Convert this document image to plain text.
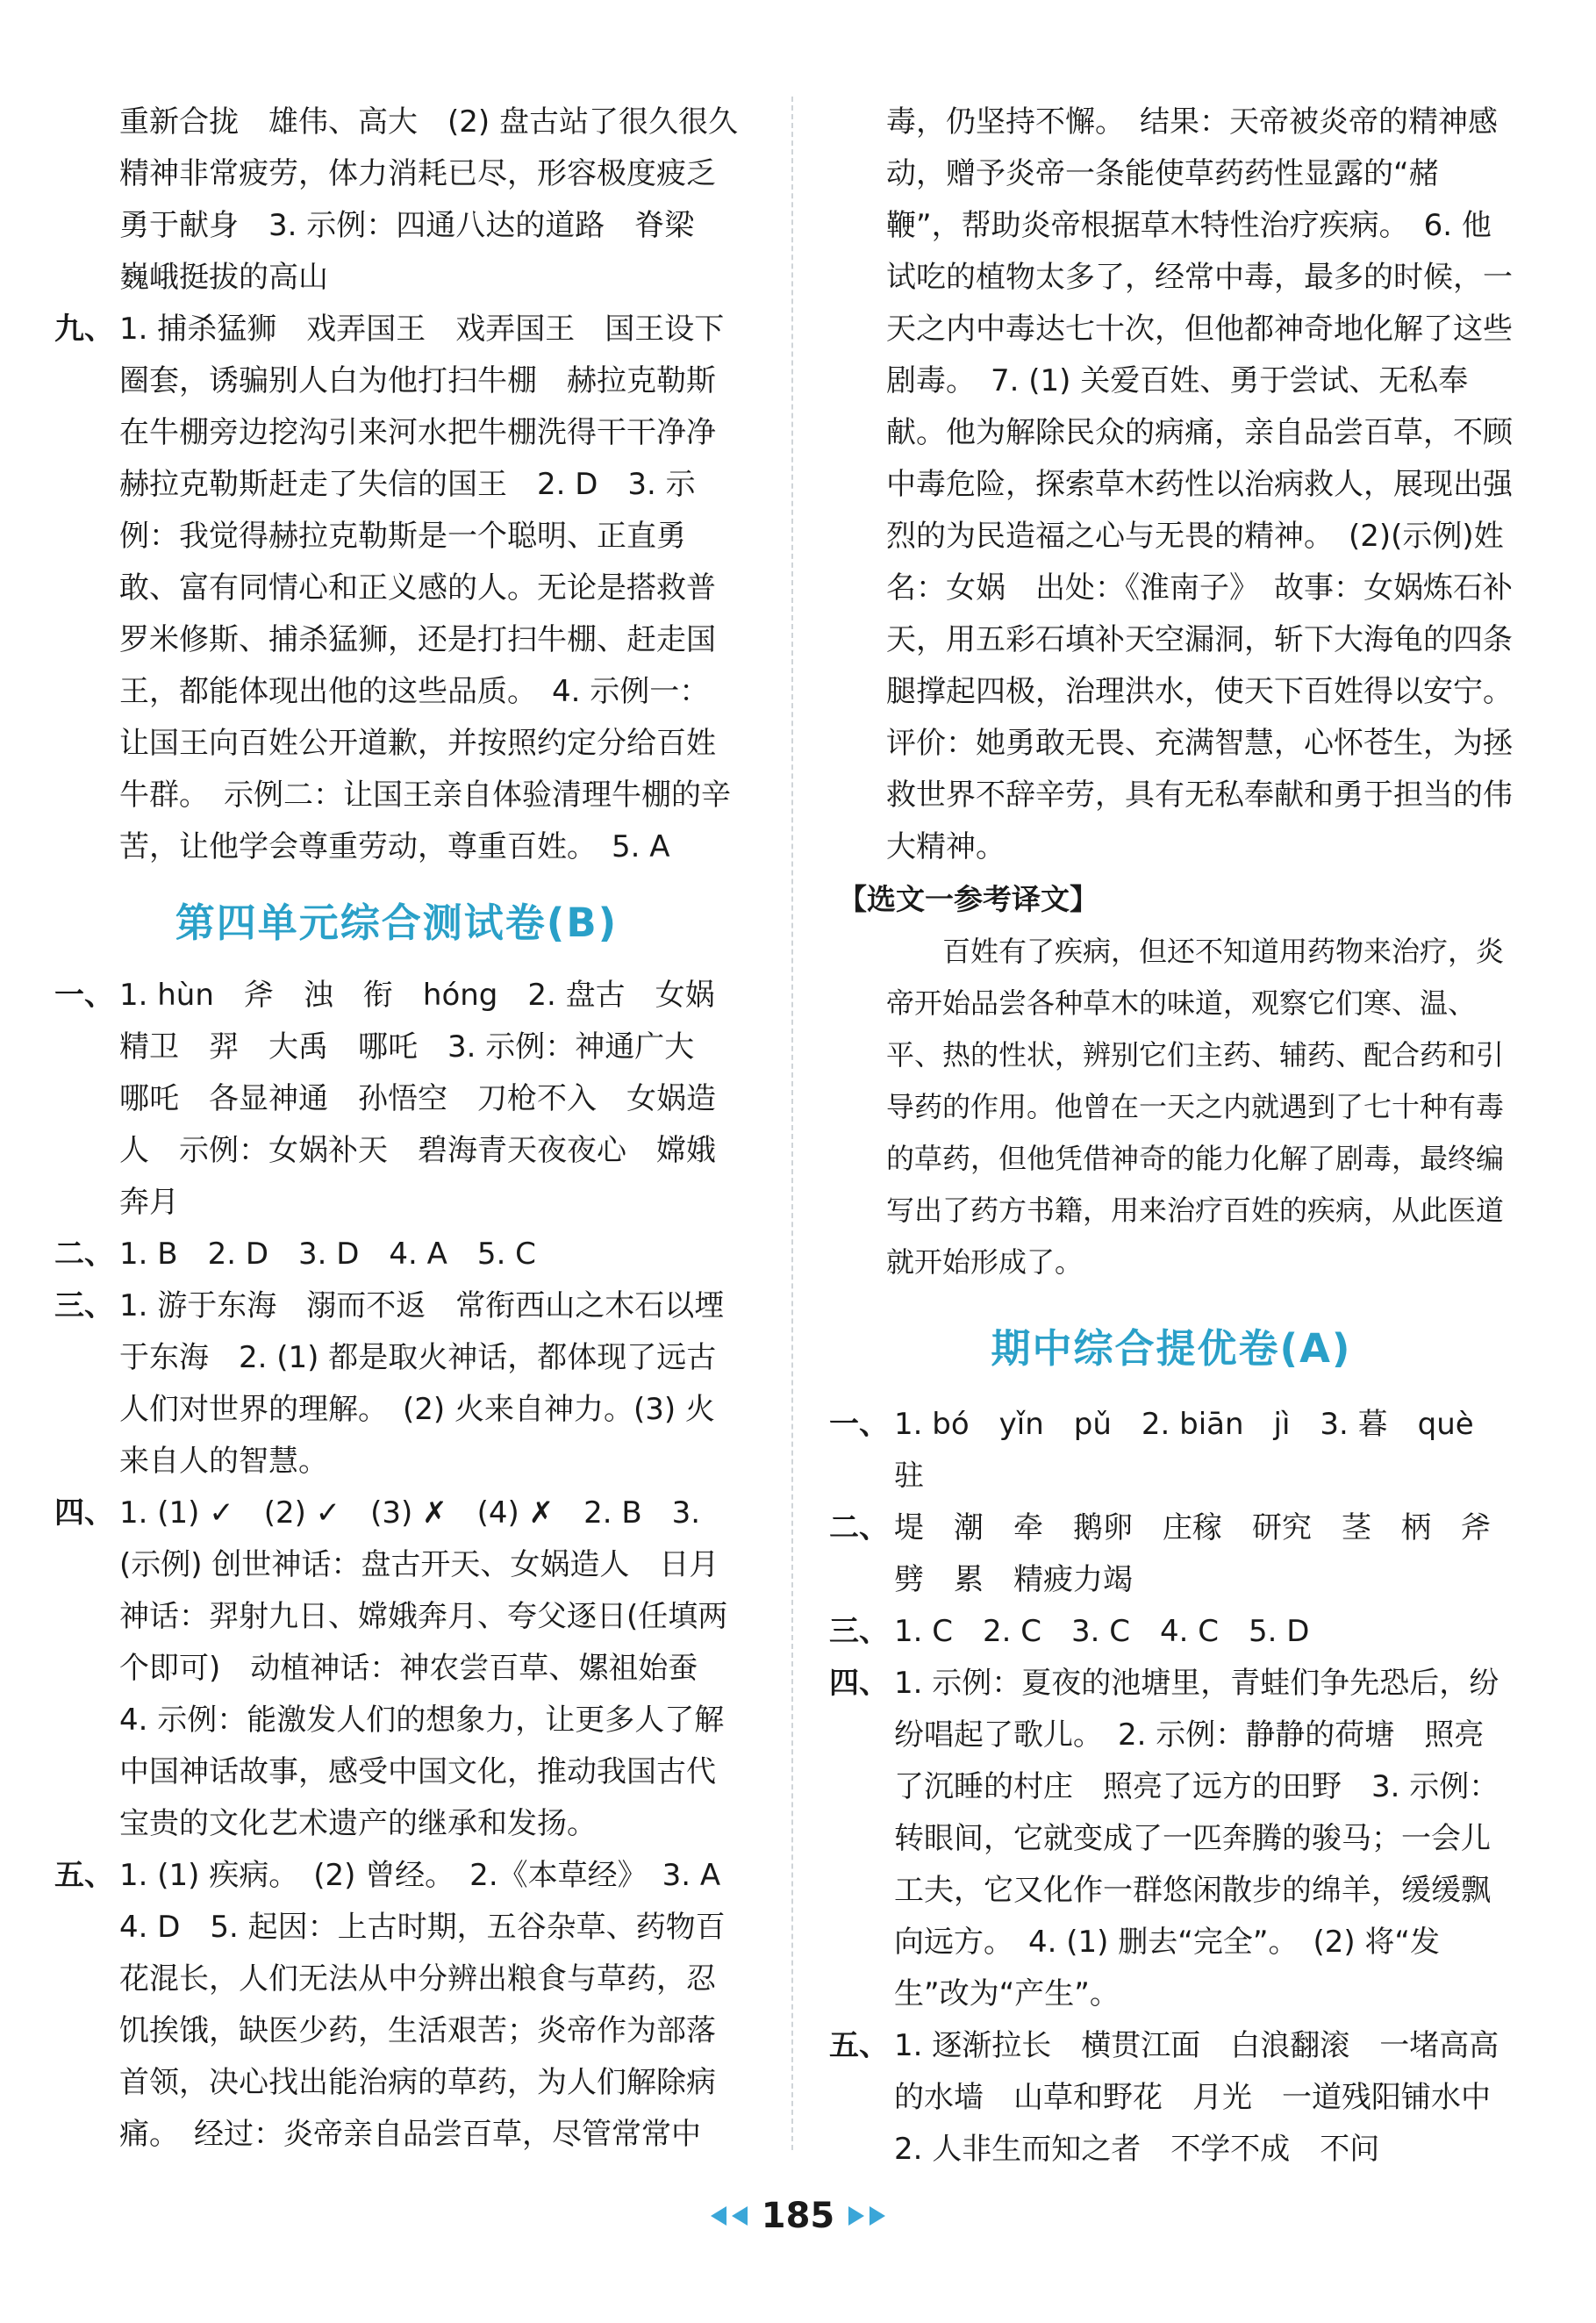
重新合拢　雄伟、高大　(2) 盘古站了很久很久　精神非常疲劳，体力消耗已尽，形容极度疲乏　勇于献身　3. 示例：四通八达的道路　脊梁　巍峨挺拔的高山

九、 1. 捕杀猛狮　戏弄国王　戏弄国王　国王设下圈套，诱骗别人白为他打扫牛棚　赫拉克勒斯在牛棚旁边挖沟引来河水把牛棚洗得干干净净　赫拉克勒斯赶走了失信的国王　2. D　3. 示例：我觉得赫拉克勒斯是一个聪明、正直勇敢、富有同情心和正义感的人。无论是搭救普罗米修斯、捕杀猛狮，还是打扫牛棚、赶走国王，都能体现出他的这些品质。　4. 示例一：让国王向百姓公开道歉，并按照约定分给百姓牛群。　示例二：让国王亲自体验清理牛棚的辛苦，让他学会尊重劳动，尊重百姓。　5. A

第四单元综合测试卷(B)

一、 1. hùn　斧　浊　衔　hóng　2. 盘古　女娲　精卫　羿　大禹　哪吒　3. 示例：神通广大　哪吒　各显神通　孙悟空　刀枪不入　女娲造人　示例：女娲补天　碧海青天夜夜心　嫦娥奔月

二、 1. B　2. D　3. D　4. A　5. C

三、 1. 游于东海　溺而不返　常衔西山之木石以堙于东海　2. (1) 都是取火神话，都体现了远古人们对世界的理解。　(2) 火来自神力。(3) 火来自人的智慧。

四、 1. (1) ✓　(2) ✓　(3) ✗　(4) ✗　2. B　3. (示例) 创世神话：盘古开天、女娲造人　日月神话：羿射九日、嫦娥奔月、夸父逐日(任填两个即可)　动植神话：神农尝百草、嫘祖始蚕　4. 示例：能激发人们的想象力，让更多人了解中国神话故事，感受中国文化，推动我国古代宝贵的文化艺术遗产的继承和发扬。

五、 1. (1) 疾病。　(2) 曾经。　2.《本草经》　3. A　4. D　5. 起因：上古时期，五谷杂草、药物百花混长，人们无法从中分辨出粮食与草药，忍饥挨饿，缺医少药，生活艰苦；炎帝作为部落首领，决心找出能治病的草药，为人们解除病痛。　经过：炎帝亲自品尝百草，尽管常常中

毒，仍坚持不懈。　结果：天帝被炎帝的精神感动，赠予炎帝一条能使草药药性显露的“赭鞭”，帮助炎帝根据草木特性治疗疾病。　6. 他试吃的植物太多了，经常中毒，最多的时候，一天之内中毒达七十次，但他都神奇地化解了这些剧毒。　7. (1) 关爱百姓、勇于尝试、无私奉献。他为解除民众的病痛，亲自品尝百草，不顾中毒危险，探索草木药性以治病救人，展现出强烈的为民造福之心与无畏的精神。　(2)(示例)姓名：女娲　出处：《淮南子》　故事：女娲炼石补天，用五彩石填补天空漏洞，斩下大海龟的四条腿撑起四极，治理洪水，使天下百姓得以安宁。　评价：她勇敢无畏、充满智慧，心怀苍生，为拯救世界不辞辛劳，具有无私奉献和勇于担当的伟大精神。

【选文一参考译文】

百姓有了疾病，但还不知道用药物来治疗，炎帝开始品尝各种草木的味道，观察它们寒、温、平、热的性状，辨别它们主药、辅药、配合药和引导药的作用。他曾在一天之内就遇到了七十种有毒的草药，但他凭借神奇的能力化解了剧毒，最终编写出了药方书籍，用来治疗百姓的疾病，从此医道就开始形成了。

期中综合提优卷(A)

一、 1. bó　yǐn　pǔ　2. biān　jì　3. 暮　què　驻

二、 堤　潮　牵　鹅卵　庄稼　研究　茎　柄　斧劈　累　精疲力竭

三、 1. C　2. C　3. C　4. C　5. D

四、 1. 示例：夏夜的池塘里，青蛙们争先恐后，纷纷唱起了歌儿。　2. 示例：静静的荷塘　照亮了沉睡的村庄　照亮了远方的田野　3. 示例：转眼间，它就变成了一匹奔腾的骏马；一会儿工夫，它又化作一群悠闲散步的绵羊，缓缓飘向远方。　4. (1) 删去“完全”。　(2) 将“发生”改为“产生”。

五、 1. 逐渐拉长　横贯江面　白浪翻滚　一堵高高的水墙　山草和野花　月光　一道残阳铺水中　2. 人非生而知之者　不学不成　不问

185
